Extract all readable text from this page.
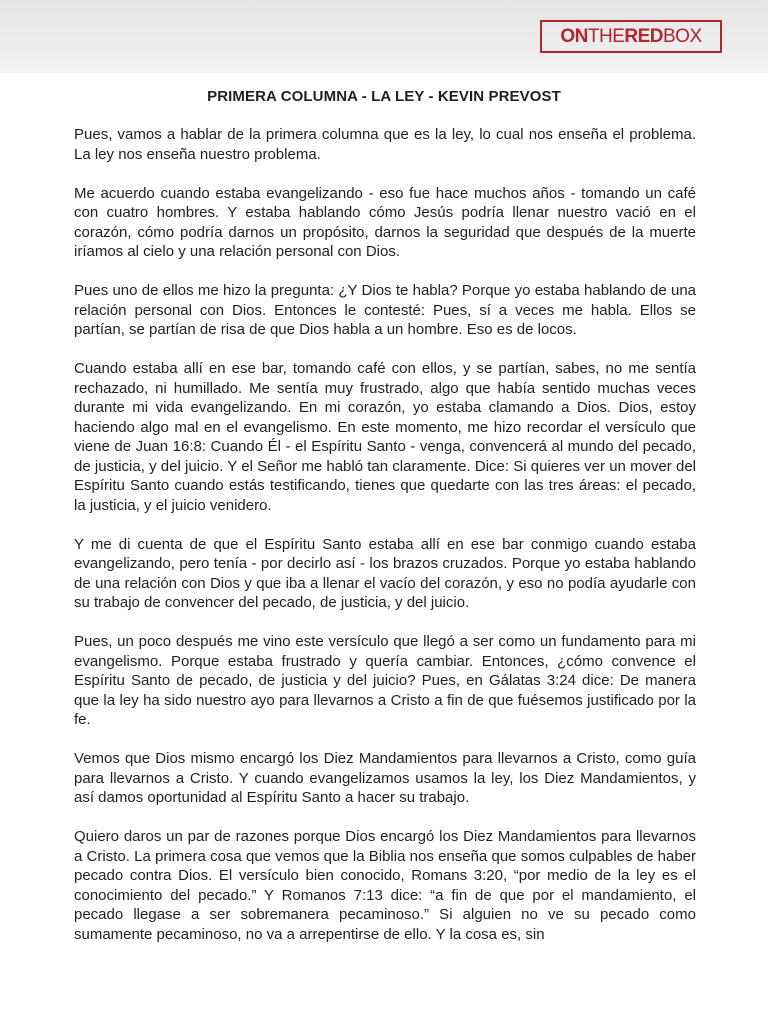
ON THE RED BOX
PRIMERA COLUMNA - LA LEY - KEVIN PREVOST

Pues, vamos a hablar de la primera columna que es la ley, lo cual nos enseña el problema. La ley nos enseña nuestro problema.

Me acuerdo cuando estaba evangelizando - eso fue hace muchos años - tomando un café con cuatro hombres. Y estaba hablando cómo Jesús podría llenar nuestro vació en el corazón, cómo podría darnos un propósito, darnos la seguridad que después de la muerte iríamos al cielo y una relación personal con Dios.

Pues uno de ellos me hizo la pregunta: ¿Y Dios te habla? Porque yo estaba hablando de una relación personal con Dios. Entonces le contesté: Pues, sí a veces me habla. Ellos se partían, se partían de risa de que Dios habla a un hombre. Eso es de locos.

Cuando estaba allí en ese bar, tomando café con ellos, y se partían, sabes, no me sentía rechazado, ni humillado. Me sentía muy frustrado, algo que había sentido muchas veces durante mi vida evangelizando. En mi corazón, yo estaba clamando a Dios. Dios, estoy haciendo algo mal en el evangelismo. En este momento, me hizo recordar el versículo que viene de Juan 16:8: Cuando Él - el Espíritu Santo - venga, convencerá al mundo del pecado, de justicia, y del juicio. Y el Señor me habló tan claramente. Dice: Si quieres ver un mover del Espíritu Santo cuando estás testificando, tienes que quedarte con las tres áreas: el pecado, la justicia, y el juicio venidero.

Y me di cuenta de que el Espíritu Santo estaba allí en ese bar conmigo cuando estaba evangelizando, pero tenía - por decirlo así - los brazos cruzados. Porque yo estaba hablando de una relación con Dios y que iba a llenar el vacío del corazón, y eso no podía ayudarle con su trabajo de convencer del pecado, de justicia, y del juicio.

Pues, un poco después me vino este versículo que llegó a ser como un fundamento para mi evangelismo. Porque estaba frustrado y quería cambiar. Entonces, ¿cómo convence el Espíritu Santo de pecado, de justicia y del juicio? Pues, en Gálatas 3:24 dice: De manera que la ley ha sido nuestro ayo para llevarnos a Cristo a fin de que fuésemos justificado por la fe.

Vemos que Dios mismo encargó los Diez Mandamientos para llevarnos a Cristo, como guía para llevarnos a Cristo. Y cuando evangelizamos usamos la ley, los Diez Mandamientos, y así damos oportunidad al Espíritu Santo a hacer su trabajo.

Quiero daros un par de razones porque Dios encargó los Diez Mandamientos para llevarnos a Cristo. La primera cosa que vemos que la Biblia nos enseña que somos culpables de haber pecado contra Dios. El versículo bien conocido, Romans 3:20, “por medio de la ley es el conocimiento del pecado.” Y Romanos 7:13 dice: “a fin de que por el mandamiento, el pecado llegase a ser sobremanera pecaminoso.” Si alguien no ve su pecado como sumamente pecaminoso, no va a arrepentirse de ello. Y la cosa es, sin
